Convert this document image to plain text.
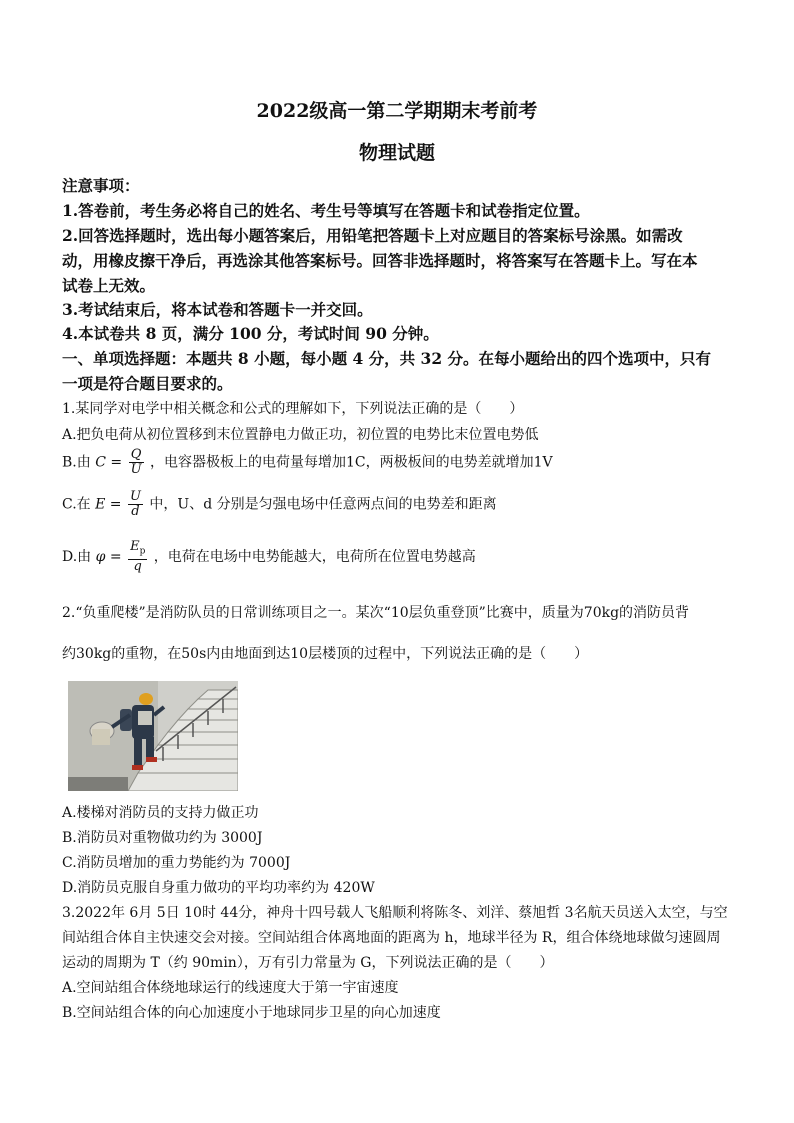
2022级高一第二学期期末考前考
物理试题
注意事项：
1.答卷前，考生务必将自己的姓名、考生号等填写在答题卡和试卷指定位置。
2.回答选择题时，选出每小题答案后，用铅笔把答题卡上对应题目的答案标号涂黑。如需改
动，用橡皮擦干净后，再选涂其他答案标号。回答非选择题时，将答案写在答题卡上。写在本
试卷上无效。
3.考试结束后，将本试卷和答题卡一并交回。
4.本试卷共 8 页，满分 100 分，考试时间 90 分钟。
一、单项选择题：本题共 8 小题，每小题 4 分，共 32 分。在每小题给出的四个选项中，只有
一项是符合题目要求的。
1.某同学对电学中相关概念和公式的理解如下，下列说法正确的是（　　）
A.把负电荷从初位置移到末位置静电力做正功，初位置的电势比末位置电势低
B.由 $C = \frac{Q}{U}$ ，电容器极板上的电荷量每增加1C，两极板间的电势差就增加1V
C.在 $E = \frac{U}{d}$ 中，U、d 分别是匀强电场中任意两点间的电势差和距离
D.由 $\varphi = \frac{E_p}{q}$ ，电荷在电场中电势能越大，电荷所在位置电势越高
2.“负重爬楼”是消防队员的日常训练项目之一。某次“10层负重登顶”比赛中，质量为70kg的消防员背
约30kg的重物，在50s内由地面到达10层楼顶的过程中，下列说法正确的是（　　）
A.楼梯对消防员的支持力做正功
B.消防员对重物做功约为 3000J
C.消防员增加的重力势能约为 7000J
D.消防员克服自身重力做功的平均功率约为 420W
3.2022年 6月 5日 10时 44分，神舟十四号载人飞船顺利将陈冬、刘洋、蔡旭哲 3名航天员送入太空，与空
间站组合体自主快速交会对接。空间站组合体离地面的距离为 h，地球半径为 R，组合体绕地球做匀速圆周
运动的周期为 T（约 90min），万有引力常量为 G，下列说法正确的是（　　）
A.空间站组合体绕地球运行的线速度大于第一宇宙速度
B.空间站组合体的向心加速度小于地球同步卫星的向心加速度
